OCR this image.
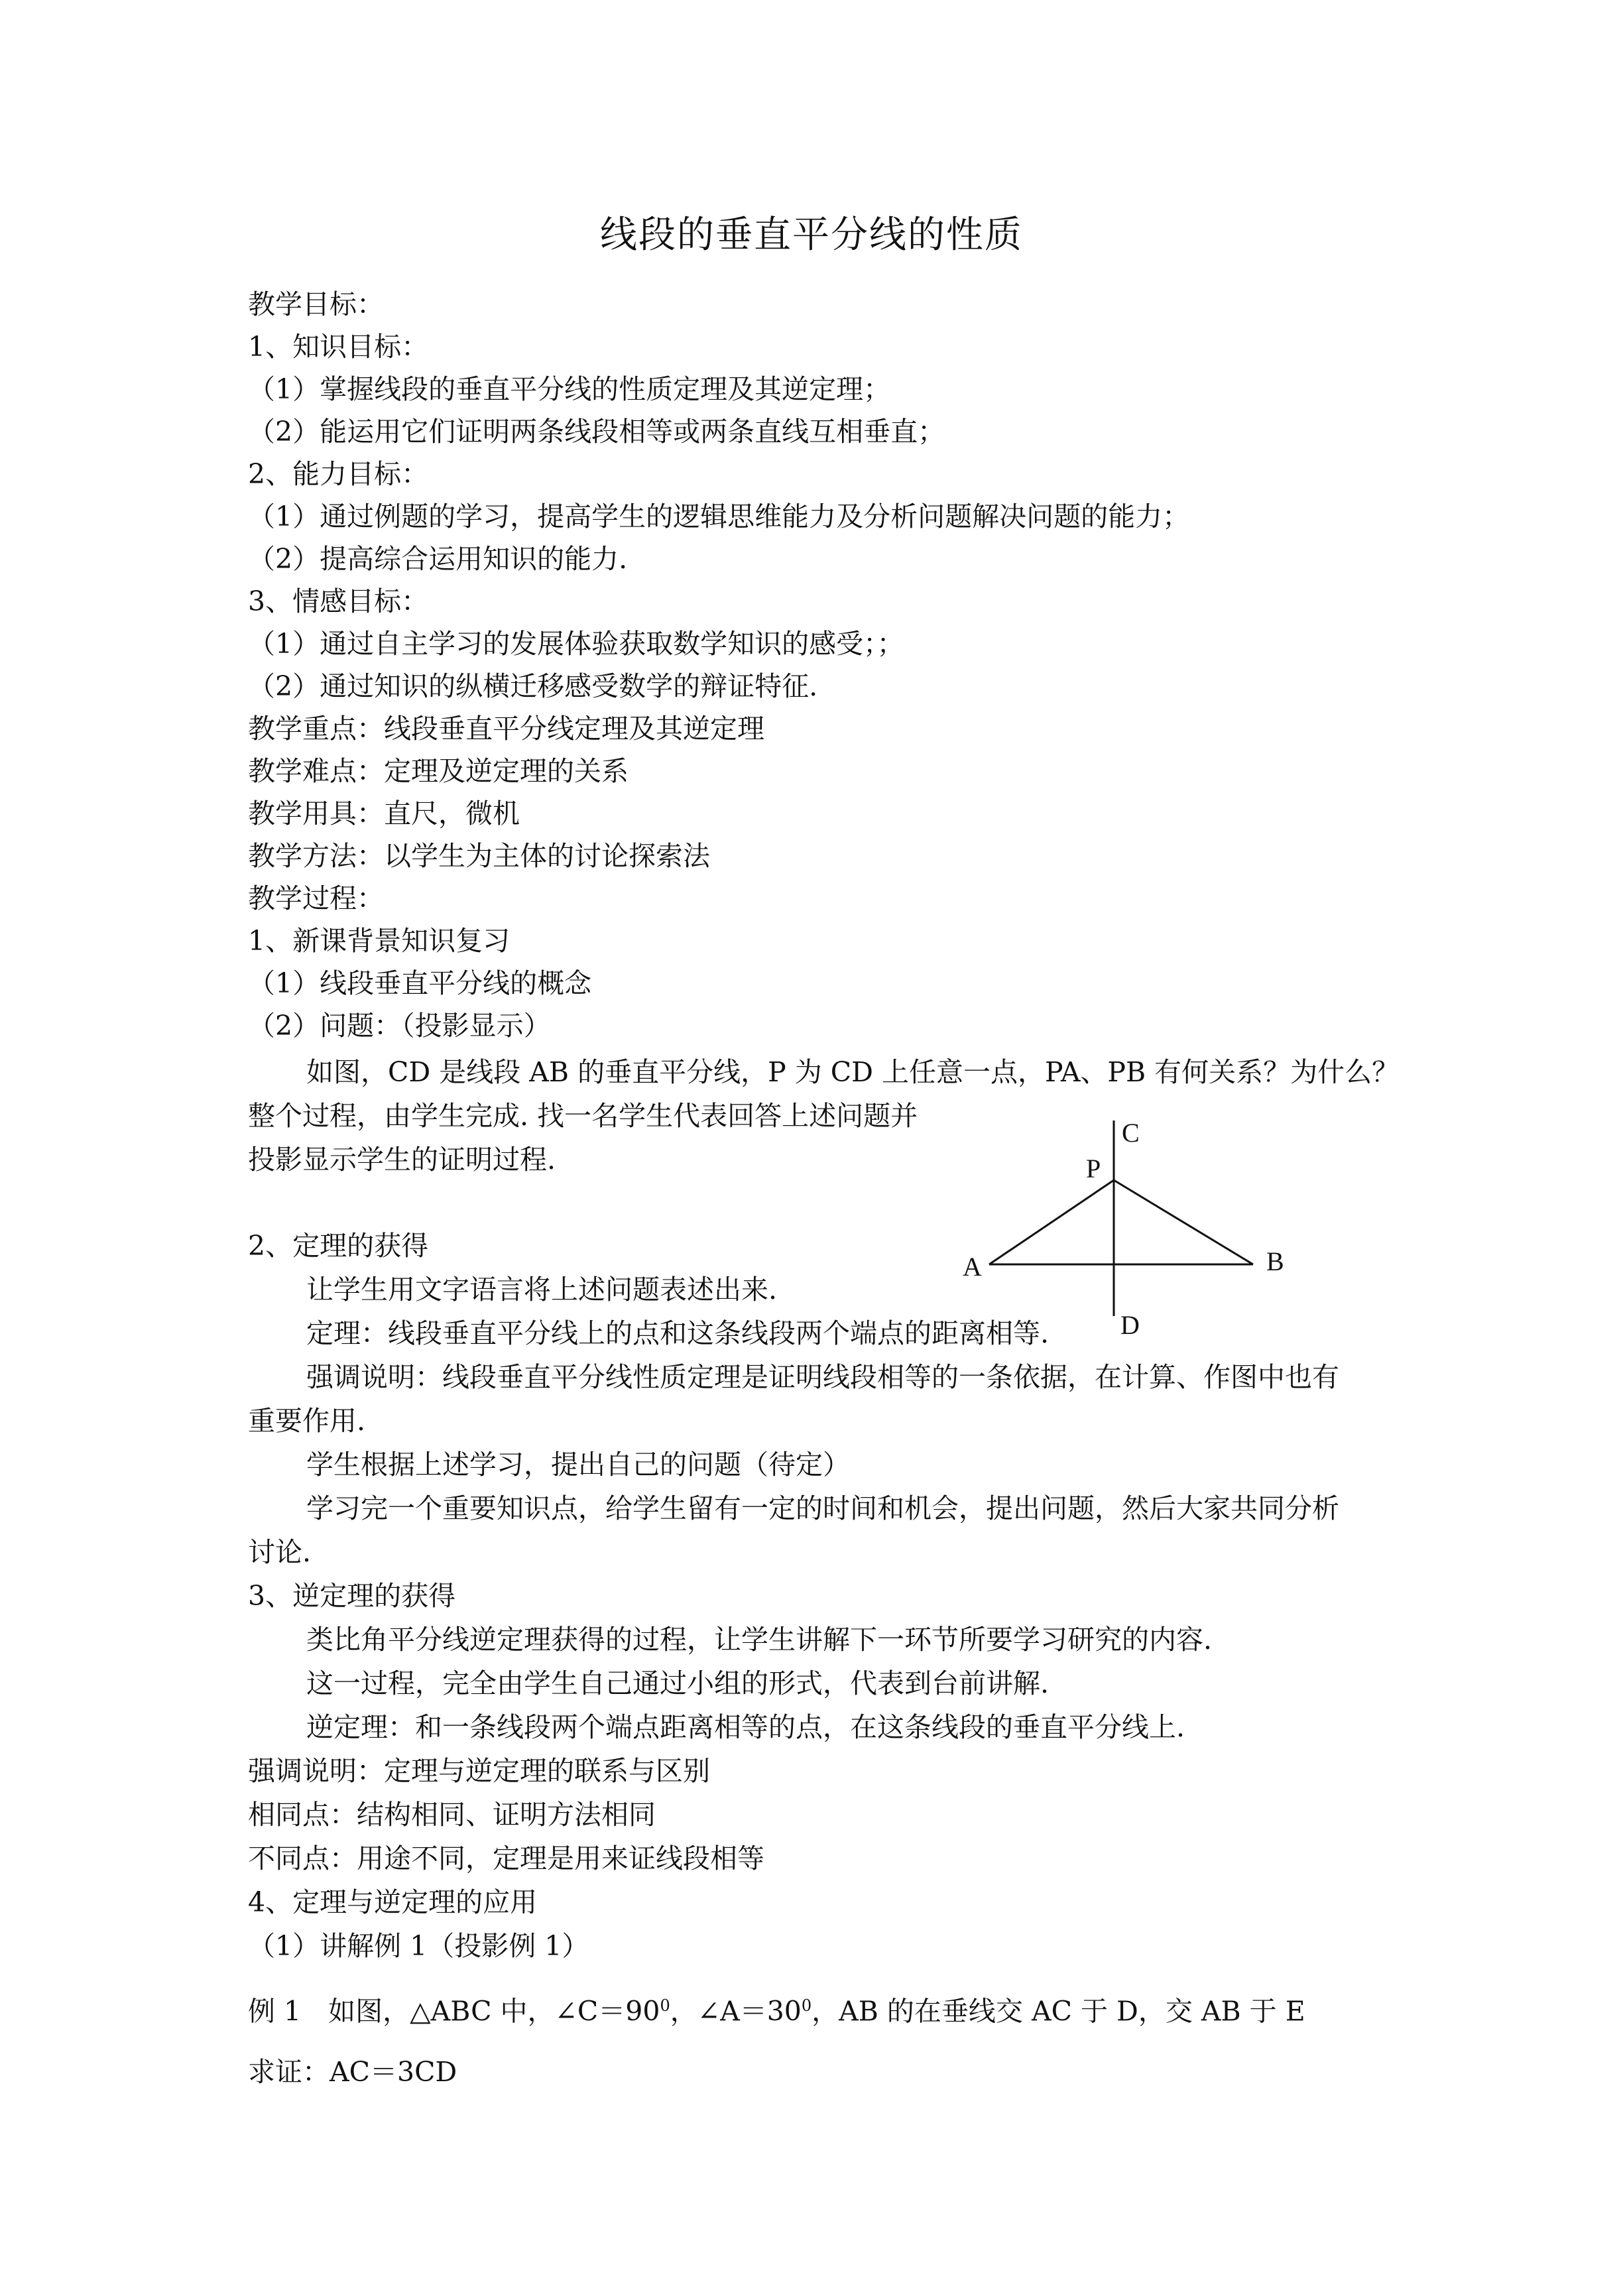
线段的垂直平分线的性质
教学目标：
1、知识目标：
（1）掌握线段的垂直平分线的性质定理及其逆定理；
（2）能运用它们证明两条线段相等或两条直线互相垂直；
2、能力目标：
（1）通过例题的学习，提高学生的逻辑思维能力及分析问题解决问题的能力；
（2）提高综合运用知识的能力.
3、情感目标：
（1）通过自主学习的发展体验获取数学知识的感受；；
（2）通过知识的纵横迁移感受数学的辩证特征.
教学重点：线段垂直平分线定理及其逆定理
教学难点：定理及逆定理的关系
教学用具：直尺，微机
教学方法：以学生为主体的讨论探索法
教学过程：
1、新课背景知识复习
（1）线段垂直平分线的概念
（2）问题：（投影显示）
如图，CD 是线段 AB 的垂直平分线，P 为 CD 上任意一点，PA、PB 有何关系？为什么？
整个过程，由学生完成. 找一名学生代表回答上述问题并
投影显示学生的证明过程.
C
P
A	B
D
2、定理的获得
让学生用文字语言将上述问题表述出来.
定理：线段垂直平分线上的点和这条线段两个端点的距离相等.
强调说明：线段垂直平分线性质定理是证明线段相等的一条依据，在计算、作图中也有
重要作用.
学生根据上述学习，提出自己的问题（待定）
学习完一个重要知识点，给学生留有一定的时间和机会，提出问题，然后大家共同分析
讨论.
3、逆定理的获得
类比角平分线逆定理获得的过程，让学生讲解下一环节所要学习研究的内容.
这一过程，完全由学生自己通过小组的形式，代表到台前讲解.
逆定理：和一条线段两个端点距离相等的点，在这条线段的垂直平分线上.
强调说明：定理与逆定理的联系与区别
相同点：结构相同、证明方法相同
不同点：用途不同，定理是用来证线段相等
4、定理与逆定理的应用
（1）讲解例 1（投影例 1）
例 1　如图，△ABC 中，$\angle C=90^0$，$\angle A=30^0$，AB 的在垂线交 AC 于 D，交 AB 于 E
求证：AC＝3CD
